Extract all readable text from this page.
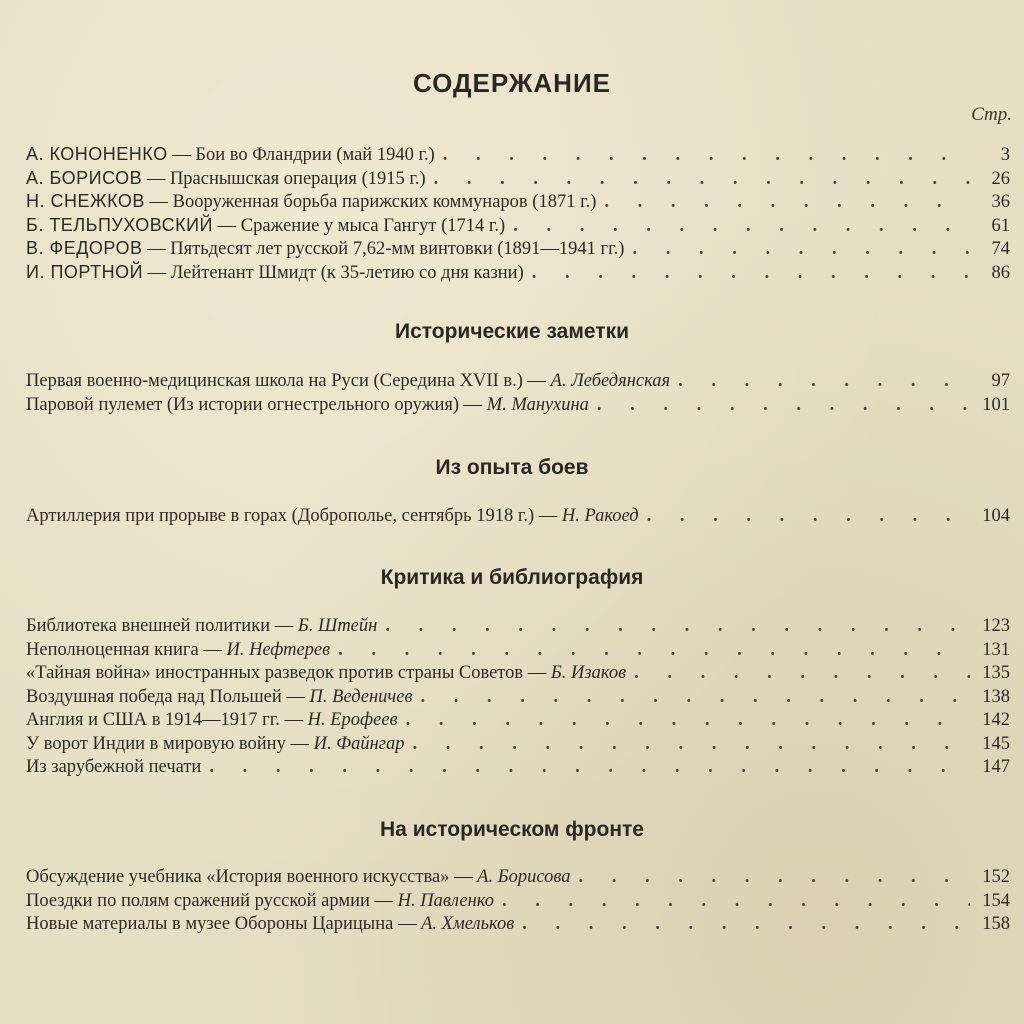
СОДЕРЖАНИЕ
Стр.
А. КОНОНЕНКО — Бои во Фландрии (май 1940 г.) . . .	3
А. БОРИСОВ — Праснышская операция (1915 г.) . . .	26
Н. СНЕЖКОВ — Вооруженная борьба парижских коммунаров (1871 г.) . . .	36
Б. ТЕЛЬПУХОВСКИЙ — Сражение у мыса Гангут (1714 г.) . . .	61
В. ФЕДОРОВ — Пятьдесят лет русской 7,62-мм винтовки (1891—1941 гг.) . . .	74
И. ПОРТНОЙ — Лейтенант Шмидт (к 35-летию со дня казни) . . .	86
Исторические заметки
Первая военно-медицинская школа на Руси (Середина XVII в.) — А. Лебедянская . . .	97
Паровой пулемет (Из истории огнестрельного оружия) — М. Манухина . . .	101
Из опыта боев
Артиллерия при прорыве в горах (Доброполье, сентябрь 1918 г.) — Н. Ракоед . . .	104
Критика и библиография
Библиотека внешней политики — Б. Штейн . . .	123
Неполноценная книга — И. Нефтерев . . .	131
«Тайная война» иностранных разведок против страны Советов — Б. Изаков . . .	135
Воздушная победа над Польшей — П. Веденичев . . .	138
Англия и США в 1914—1917 гг. — Н. Ерофеев . . .	142
У ворот Индии в мировую войну — И. Файнгар . . .	145
Из зарубежной печати . . .	147
На историческом фронте
Обсуждение учебника «История военного искусства» — А. Борисова . . .	152
Поездки по полям сражений русской армии — Н. Павленко . . .	154
Новые материалы в музее Обороны Царицына — А. Хмельков . . .	158
